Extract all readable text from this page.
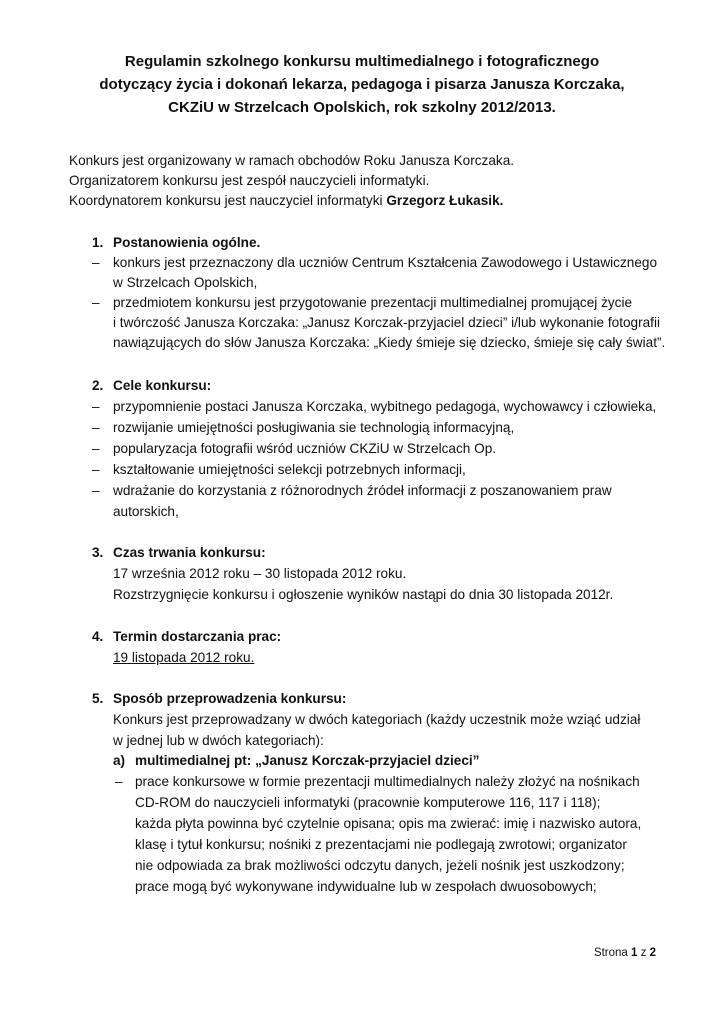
Regulamin szkolnego konkursu multimedialnego i fotograficznego
dotyczący życia i dokonań lekarza, pedagoga i pisarza Janusza Korczaka,
CKZiU w Strzelcach Opolskich, rok szkolny 2012/2013.
Konkurs jest organizowany w ramach obchodów Roku Janusza Korczaka.
Organizatorem konkursu jest zespół nauczycieli informatyki.
Koordynatorem konkursu jest nauczyciel informatyki Grzegorz Łukasik.
1. Postanowienia ogólne.
– konkurs jest przeznaczony dla uczniów Centrum Kształcenia Zawodowego i Ustawicznego
w Strzelcach Opolskich,
– przedmiotem konkursu jest przygotowanie prezentacji multimedialnej promującej życie
i twórczość Janusza Korczaka: „Janusz Korczak-przyjaciel dzieci” i/lub wykonanie fotografii
nawiązujących do słów Janusza Korczaka: „Kiedy śmieje się dziecko, śmieje się cały świat”.
2. Cele konkursu:
– przypomnienie postaci Janusza Korczaka, wybitnego pedagoga, wychowawcy i człowieka,
– rozwijanie umiejętności posługiwania sie technologią informacyjną,
– popularyzacja fotografii wśród uczniów CKZiU w Strzelcach Op.
– kształtowanie umiejętności selekcji potrzebnych informacji,
– wdrażanie do korzystania z różnorodnych źródeł informacji z poszanowaniem praw
autorskich,
3. Czas trwania konkursu:
17 września 2012 roku – 30 listopada 2012 roku.
Rozstrzygnięcie konkursu i ogłoszenie wyników nastąpi do dnia 30 listopada 2012r.
4. Termin dostarczania prac:
19 listopada 2012 roku.
5. Sposób przeprowadzenia konkursu:
Konkurs jest przeprowadzany w dwóch kategoriach (każdy uczestnik może wziąć udział
w jednej lub w dwóch kategoriach):
a) multimedialnej pt: „Janusz Korczak-przyjaciel dzieci”
– prace konkursowe w formie prezentacji multimedialnych należy złożyć na nośnikach
CD-ROM do nauczycieli informatyki (pracownie komputerowe 116, 117 i 118);
każda płyta powinna być czytelnie opisana; opis ma zwierać: imię i nazwisko autora,
klasę i tytuł konkursu; nośniki z prezentacjami nie podlegają zwrotowi; organizator
nie odpowiada za brak możliwości odczytu danych, jeżeli nośnik jest uszkodzony;
prace mogą być wykonywane indywidualne lub w zespołach dwuosobowych;
Strona 1 z 2
